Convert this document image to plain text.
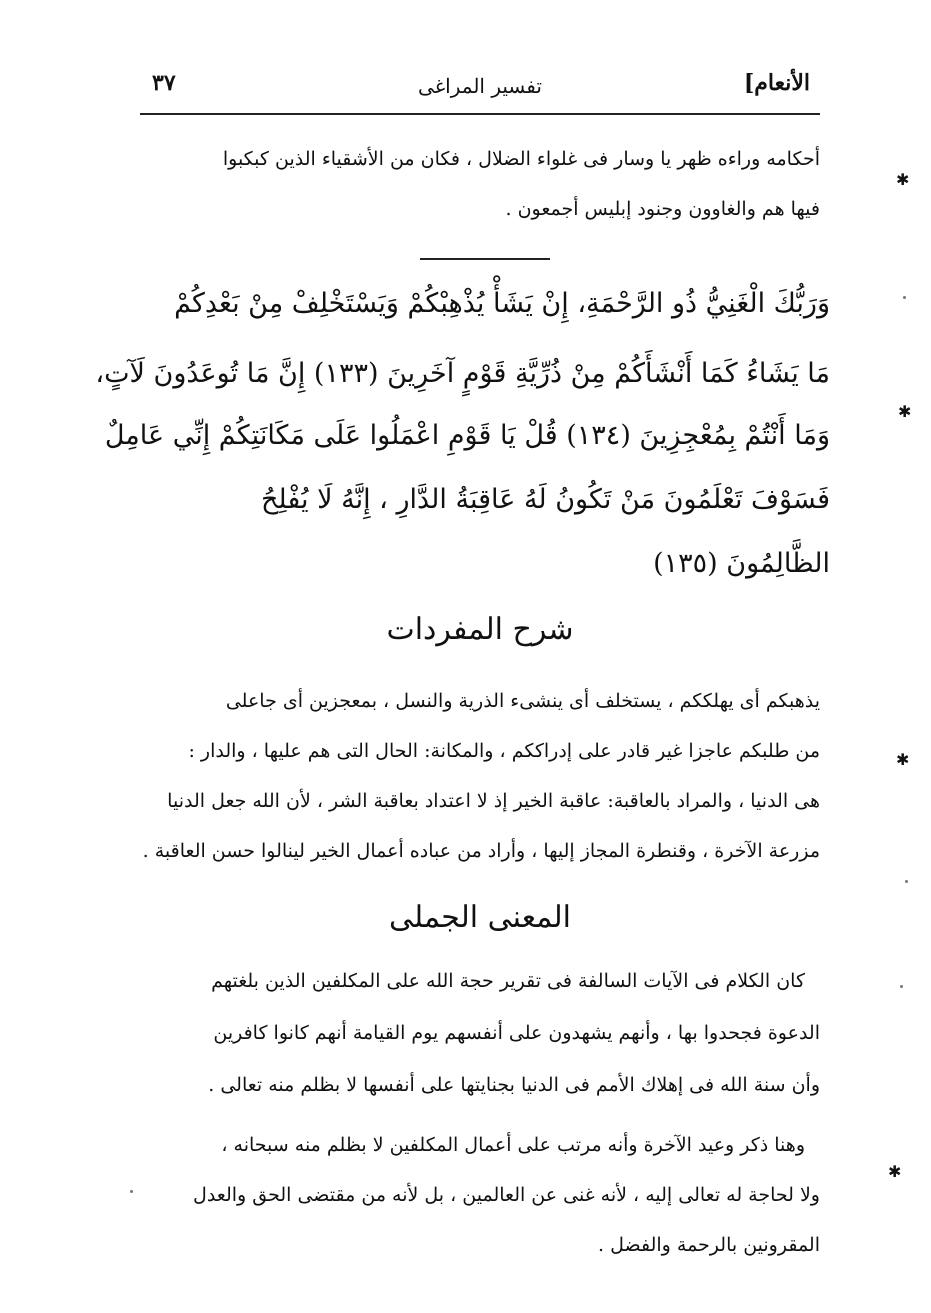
الأنعام]
تفسير المراغى
٣٧
أحكامه وراءه ظهر يا وسار فى غلواء الضلال ، فكان من الأشقياء الذين كبكبوا
فيها هم والغاوون وجنود إبليس أجمعون .
وَرَبُّكَ الْغَنِيُّ ذُو الرَّحْمَةِ، إِنْ يَشَأْ يُذْهِبْكُمْ وَيَسْتَخْلِفْ مِنْ بَعْدِكُمْ
مَا يَشَاءُ كَمَا أَنْشَأَكُمْ مِنْ ذُرِّيَّةِ قَوْمٍ آخَرِينَ (١٣٣) إِنَّ مَا تُوعَدُونَ لَآتٍ،
وَمَا أَنْتُمْ بِمُعْجِزِينَ (١٣٤) قُلْ يَا قَوْمِ اعْمَلُوا عَلَى مَكَانَتِكُمْ إِنِّي عَامِلٌ
فَسَوْفَ تَعْلَمُونَ مَنْ تَكُونُ لَهُ عَاقِبَةُ الدَّارِ ، إِنَّهُ لَا يُفْلِحُ
الظَّالِمُونَ (١٣٥)
شرح المفردات
يذهبكم أى يهلككم ، يستخلف أى ينشىء الذرية والنسل ، بمعجزين أى جاعلى
من طلبكم عاجزا غير قادر على إدراككم ، والمكانة: الحال التى هم عليها ، والدار :
هى الدنيا ، والمراد بالعاقبة: عاقبة الخير إذ لا اعتداد بعاقبة الشر ، لأن الله جعل الدنيا
مزرعة الآخرة ، وقنطرة المجاز إليها ، وأراد من عباده أعمال الخير لينالوا حسن العاقبة .
المعنى الجملى
كان الكلام فى الآيات السالفة فى تقرير حجة الله على المكلفين الذين بلغتهم
الدعوة فجحدوا بها ، وأنهم يشهدون على أنفسهم يوم القيامة أنهم كانوا كافرين
وأن سنة الله فى إهلاك الأمم فى الدنيا بجنايتها على أنفسها لا بظلم منه تعالى .
وهنا ذكر وعيد الآخرة وأنه مرتب على أعمال المكلفين لا بظلم منه سبحانه ،
ولا لحاجة له تعالى إليه ، لأنه غنى عن العالمين ، بل لأنه من مقتضى الحق والعدل
المقرونين بالرحمة والفضل .
✱
✱
✱
✱
